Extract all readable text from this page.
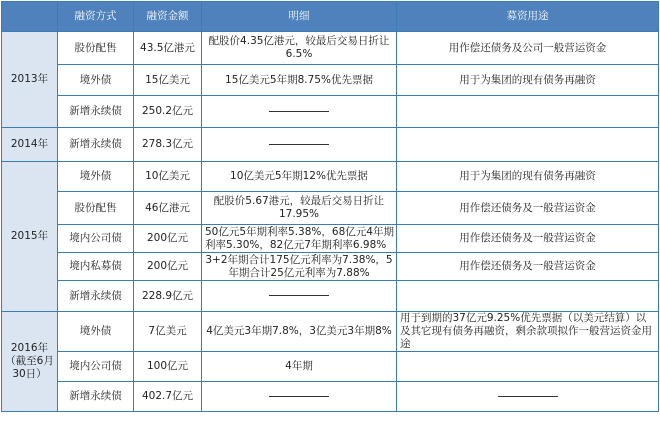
	融资方式	融资金额	明细	募资用途
2013年	股份配售	43.5亿港元	配股价4.35亿港元，较最后交易日折让6.5%	用作偿还债务及公司一般营运资金
	境外债	15亿美元	15亿美元5年期8.75%优先票据	用于为集团的现有债务再融资
	新增永续债	250.2亿元		
2014年	新增永续债	278.3亿元		
2015年	境外债	10亿美元	10亿美元5年期12%优先票据	用于为集团的现有债务再融资
	股份配售	46亿港元	配股价5.67港元，较最后交易日折让17.95%	用作偿还债务及一般营运资金
	境内公司债	200亿元	50亿元5年期利率5.38%，68亿元4年期利率5.30%，82亿元7年期利率6.98%	用作偿还债务及一般营运资金
	境内私募债	200亿元	3+2年期合计175亿元利率为7.38%，5年期合计25亿元利率为7.88%	用作偿还债务及一般营运资金
	新增永续债	228.9亿元		
2016年（截至6月30日）	境外债	7亿美元	4亿美元3年期7.8%，3亿美元3年期8%	用于到期的37亿元9.25%优先票据（以美元结算）以及其它现有债务再融资，剩余款项拟作一般营运资金用途
	境内公司债	100亿元	4年期	
	新增永续债	402.7亿元		
